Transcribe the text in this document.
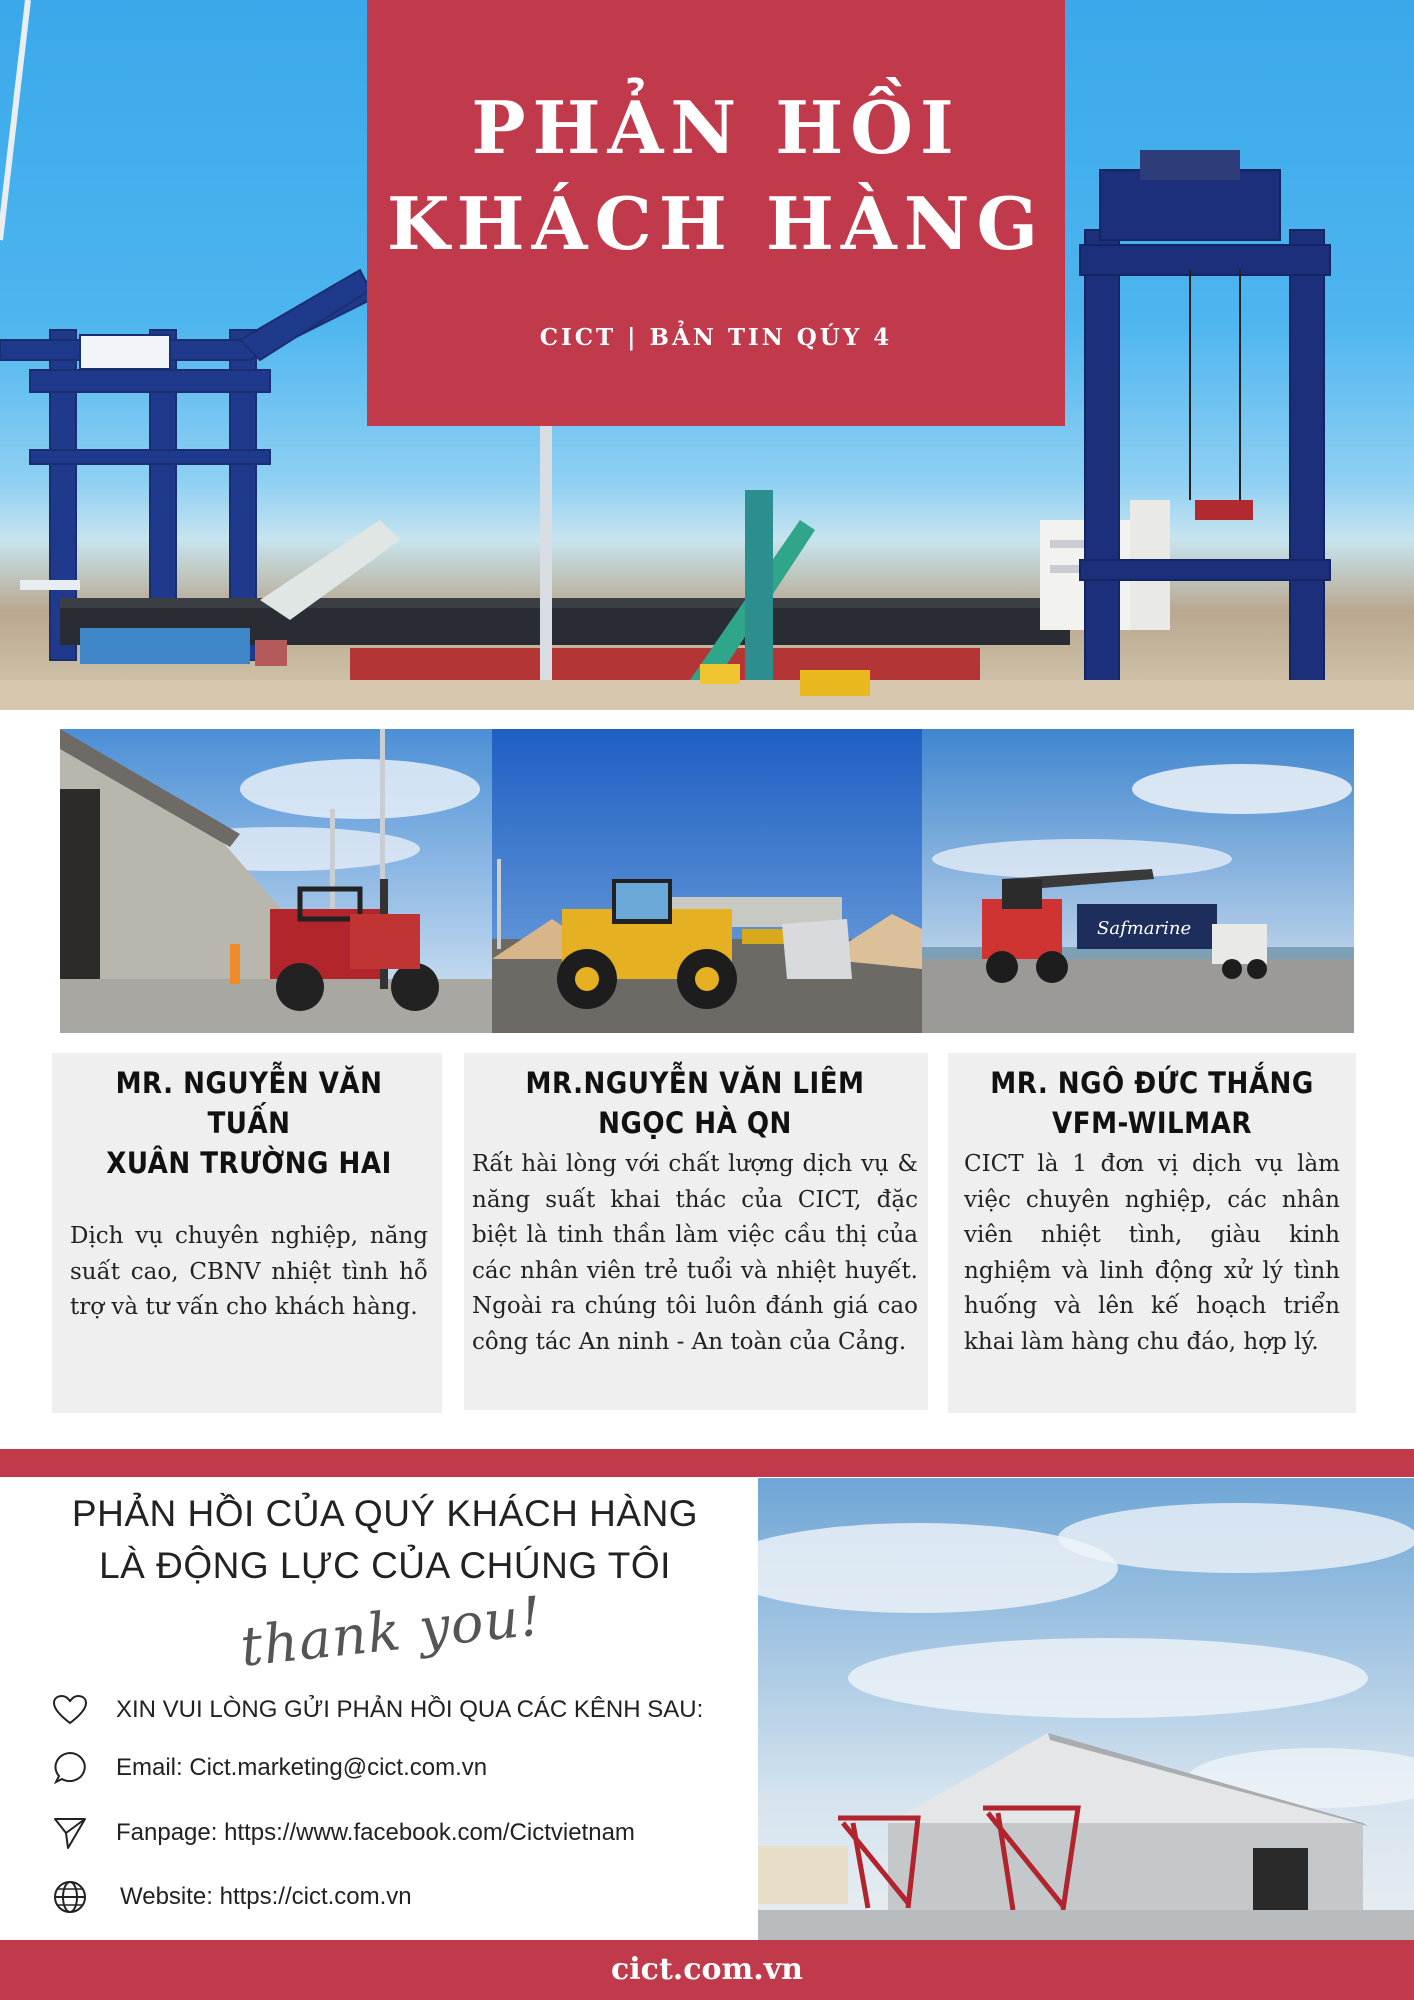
PHẢN HỒI
KHÁCH HÀNG
CICT | BẢN TIN QÚY 4
Safmarine
MR. NGUYỄN VĂN TUẤN
XUÂN TRƯỜNG HAI
Dịch vụ chuyên nghiệp, năng suất cao, CBNV nhiệt tình hỗ trợ và tư vấn cho khách hàng.
MR.NGUYỄN VĂN LIÊM
NGỌC HÀ QN
Rất hài lòng với chất lượng dịch vụ & năng suất khai thác của CICT, đặc biệt là tinh thần làm việc cầu thị của các nhân viên trẻ tuổi và nhiệt huyết. Ngoài ra chúng tôi luôn đánh giá cao công tác An ninh - An toàn của Cảng.
MR. NGÔ ĐỨC THẮNG
VFM-WILMAR
CICT là 1 đơn vị dịch vụ làm việc chuyên nghiệp, các nhân viên nhiệt tình, giàu kinh nghiệm và linh động xử lý tình huống và lên kế hoạch triển khai làm hàng chu đáo, hợp lý.
PHẢN HỒI CỦA QUÝ KHÁCH HÀNG
LÀ ĐỘNG LỰC CỦA CHÚNG TÔI
thank you!
XIN VUI LÒNG GỬI PHẢN HỒI QUA CÁC KÊNH SAU:
Email: Cict.marketing@cict.com.vn
Fanpage: https://www.facebook.com/Cictvietnam
Website: https://cict.com.vn
cict.com.vn
